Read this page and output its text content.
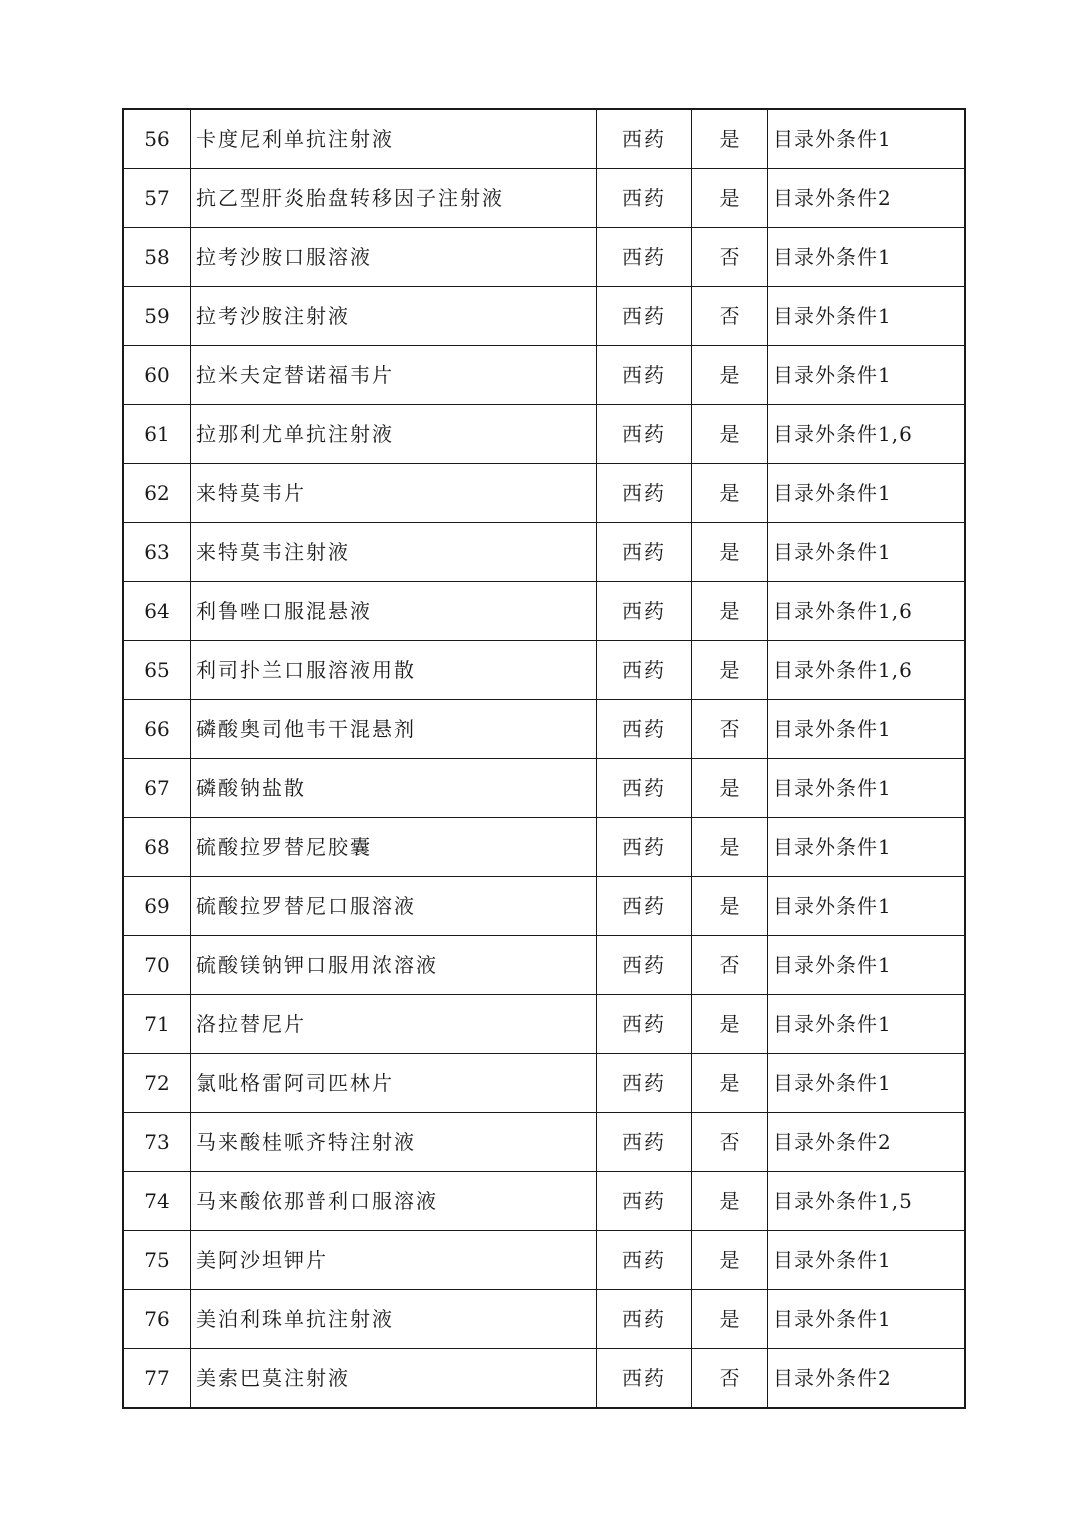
56	卡度尼利单抗注射液	西药	是	目录外条件1
57	抗乙型肝炎胎盘转移因子注射液	西药	是	目录外条件2
58	拉考沙胺口服溶液	西药	否	目录外条件1
59	拉考沙胺注射液	西药	否	目录外条件1
60	拉米夫定替诺福韦片	西药	是	目录外条件1
61	拉那利尤单抗注射液	西药	是	目录外条件1,6
62	来特莫韦片	西药	是	目录外条件1
63	来特莫韦注射液	西药	是	目录外条件1
64	利鲁唑口服混悬液	西药	是	目录外条件1,6
65	利司扑兰口服溶液用散	西药	是	目录外条件1,6
66	磷酸奥司他韦干混悬剂	西药	否	目录外条件1
67	磷酸钠盐散	西药	是	目录外条件1
68	硫酸拉罗替尼胶囊	西药	是	目录外条件1
69	硫酸拉罗替尼口服溶液	西药	是	目录外条件1
70	硫酸镁钠钾口服用浓溶液	西药	否	目录外条件1
71	洛拉替尼片	西药	是	目录外条件1
72	氯吡格雷阿司匹林片	西药	是	目录外条件1
73	马来酸桂哌齐特注射液	西药	否	目录外条件2
74	马来酸依那普利口服溶液	西药	是	目录外条件1,5
75	美阿沙坦钾片	西药	是	目录外条件1
76	美泊利珠单抗注射液	西药	是	目录外条件1
77	美索巴莫注射液	西药	否	目录外条件2
